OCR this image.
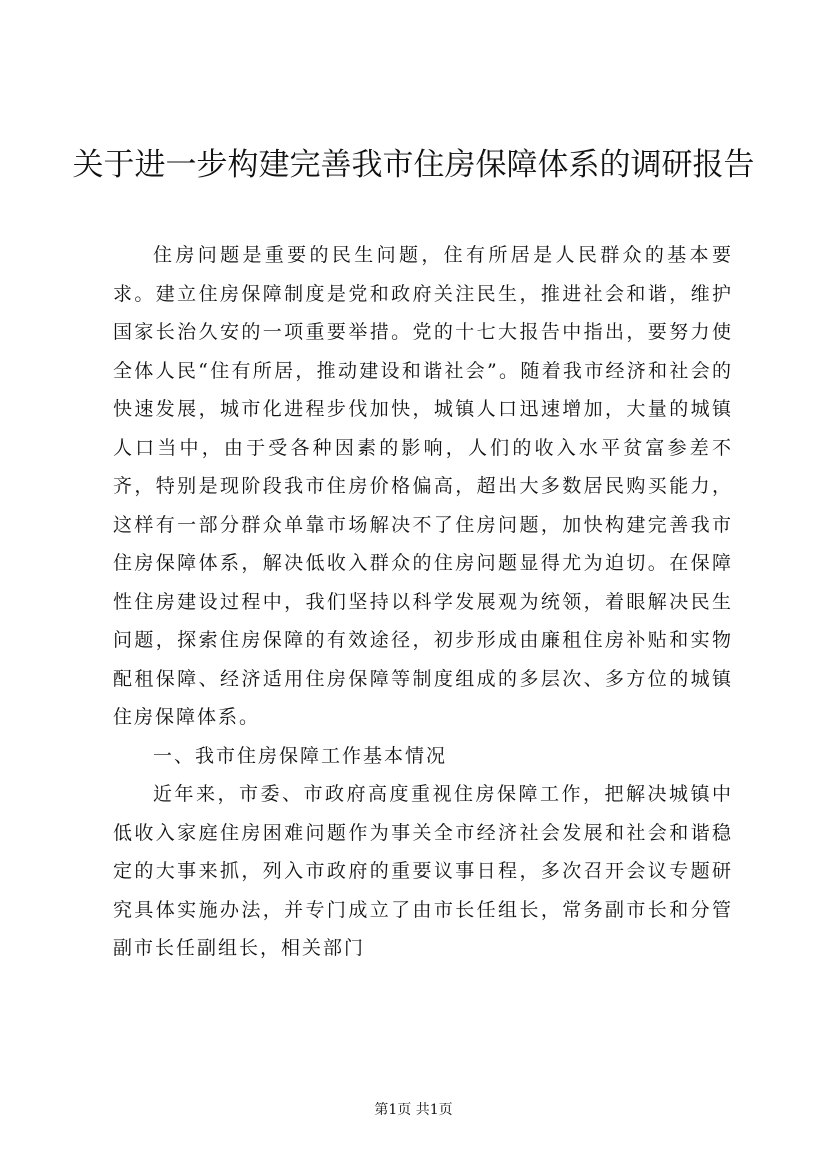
关于进一步构建完善我市住房保障体系的调研报告

住房问题是重要的民生问题，住有所居是人民群众的基本要求。建立住房保障制度是党和政府关注民生，推进社会和谐，维护国家长治久安的一项重要举措。党的十七大报告中指出，要努力使全体人民“住有所居，推动建设和谐社会”。随着我市经济和社会的快速发展，城市化进程步伐加快，城镇人口迅速增加，大量的城镇人口当中，由于受各种因素的影响，人们的收入水平贫富参差不齐，特别是现阶段我市住房价格偏高，超出大多数居民购买能力，这样有一部分群众单靠市场解决不了住房问题，加快构建完善我市住房保障体系，解决低收入群众的住房问题显得尤为迫切。在保障性住房建设过程中，我们坚持以科学发展观为统领，着眼解决民生问题，探索住房保障的有效途径，初步形成由廉租住房补贴和实物配租保障、经济适用住房保障等制度组成的多层次、多方位的城镇住房保障体系。

一、我市住房保障工作基本情况

近年来，市委、市政府高度重视住房保障工作，把解决城镇中低收入家庭住房困难问题作为事关全市经济社会发展和社会和谐稳定的大事来抓，列入市政府的重要议事日程，多次召开会议专题研究具体实施办法，并专门成立了由市长任组长，常务副市长和分管副市长任副组长，相关部门

第1页 共1页
